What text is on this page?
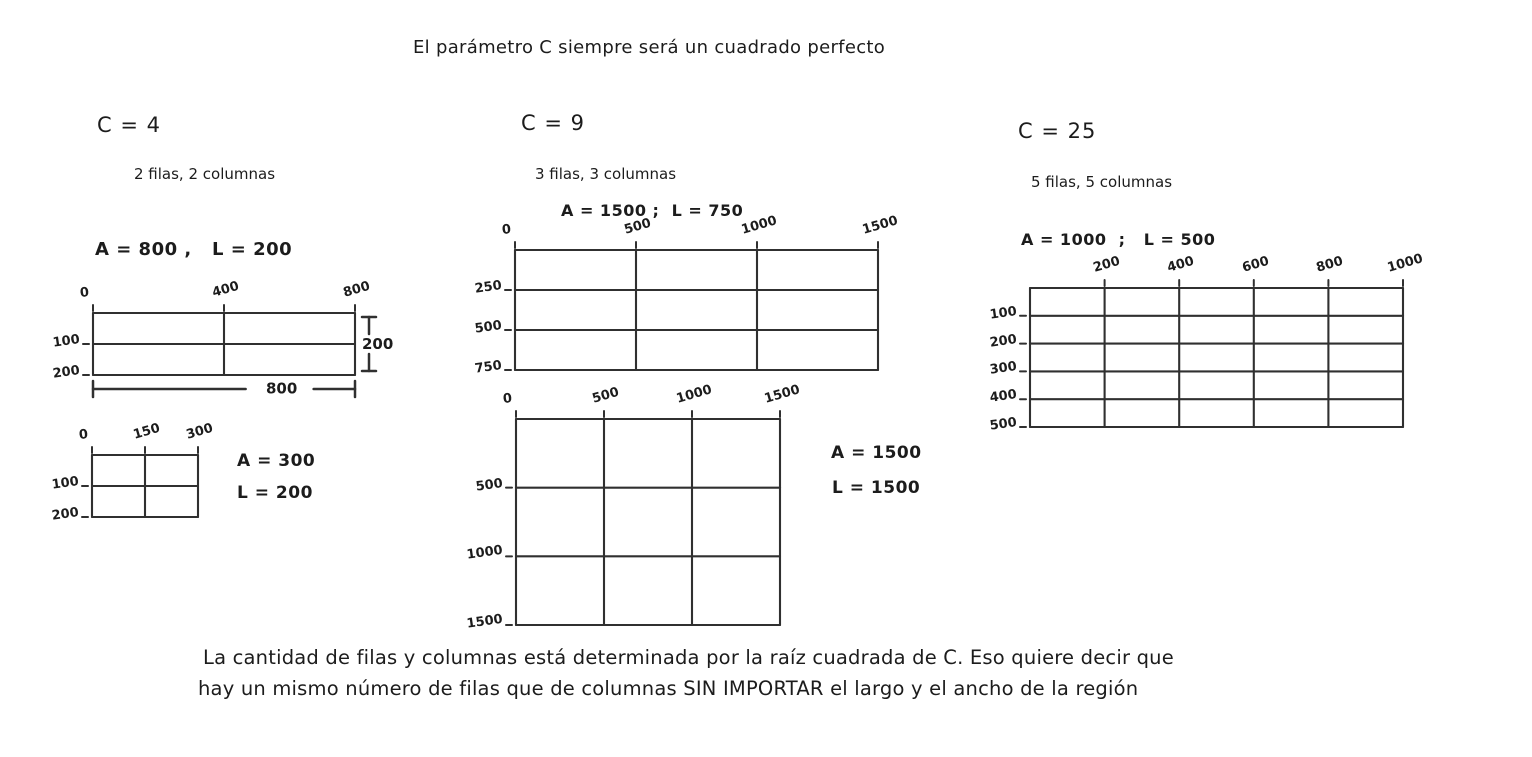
El parámetro C siempre será un cuadrado perfecto
C = 4
2 filas, 2 columnas
A = 800 ,   L = 200
C = 9
3 filas, 3 columnas
A = 1500 ;  L = 750
C = 25
5 filas, 5 columnas
A = 1000  ;   L = 500
A = 300
L = 200
A = 1500
L = 1500
0	400	800
100
200
800
200
0	150 300
100
200
0	500	1000	1500
250
500
750
0	500	1000	1500
500
1000
1500
200	400	600	800	1000
100
200
300
400
500
La cantidad de filas y columnas está determinada por la raíz cuadrada de C. Eso quiere decir que
hay un mismo número de filas que de columnas SIN IMPORTAR el largo y el ancho de la región
